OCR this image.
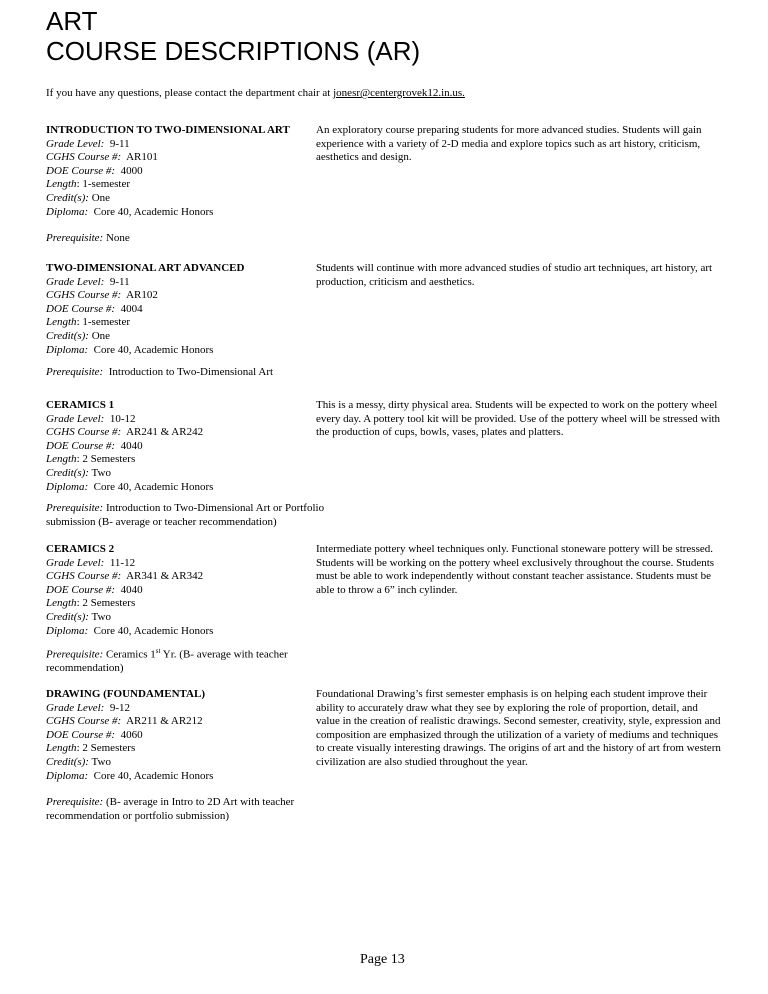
ART
COURSE DESCRIPTIONS (AR)
If you have any questions, please contact the department chair at jonesr@centergrovek12.in.us.
INTRODUCTION TO TWO-DIMENSIONAL ART
Grade Level: 9-11
CGHS Course #: AR101
DOE Course #: 4000
Length: 1-semester
Credit(s): One
Diploma: Core 40, Academic Honors
An exploratory course preparing students for more advanced studies. Students will gain experience with a variety of 2-D media and explore topics such as art history, criticism, aesthetics and design.
Prerequisite: None
TWO-DIMENSIONAL ART ADVANCED
Grade Level: 9-11
CGHS Course #: AR102
DOE Course #: 4004
Length: 1-semester
Credit(s): One
Diploma: Core 40, Academic Honors
Students will continue with more advanced studies of studio art techniques, art history, art production, criticism and aesthetics.
Prerequisite: Introduction to Two-Dimensional Art
CERAMICS 1
Grade Level: 10-12
CGHS Course #: AR241 & AR242
DOE Course #: 4040
Length: 2 Semesters
Credit(s): Two
Diploma: Core 40, Academic Honors
This is a messy, dirty physical area. Students will be expected to work on the pottery wheel every day. A pottery tool kit will be provided. Use of the pottery wheel will be stressed with the production of cups, bowls, vases, plates and platters.
Prerequisite: Introduction to Two-Dimensional Art or Portfolio submission (B- average or teacher recommendation)
CERAMICS 2
Grade Level: 11-12
CGHS Course #: AR341 & AR342
DOE Course #: 4040
Length: 2 Semesters
Credit(s): Two
Diploma: Core 40, Academic Honors
Intermediate pottery wheel techniques only. Functional stoneware pottery will be stressed. Students will be working on the pottery wheel exclusively throughout the course. Students must be able to work independently without constant teacher assistance. Students must be able to throw a 6” inch cylinder.
Prerequisite: Ceramics 1st Yr. (B- average with teacher recommendation)
DRAWING (FOUNDAMENTAL)
Grade Level: 9-12
CGHS Course #: AR211 & AR212
DOE Course #: 4060
Length: 2 Semesters
Credit(s): Two
Diploma: Core 40, Academic Honors
Foundational Drawing’s first semester emphasis is on helping each student improve their ability to accurately draw what they see by exploring the role of proportion, detail, and value in the creation of realistic drawings. Second semester, creativity, style, expression and composition are emphasized through the utilization of a variety of mediums and techniques to create visually interesting drawings. The origins of art and the history of art from western civilization are also studied throughout the year.
Prerequisite: (B- average in Intro to 2D Art with teacher recommendation or portfolio submission)
Page 13
